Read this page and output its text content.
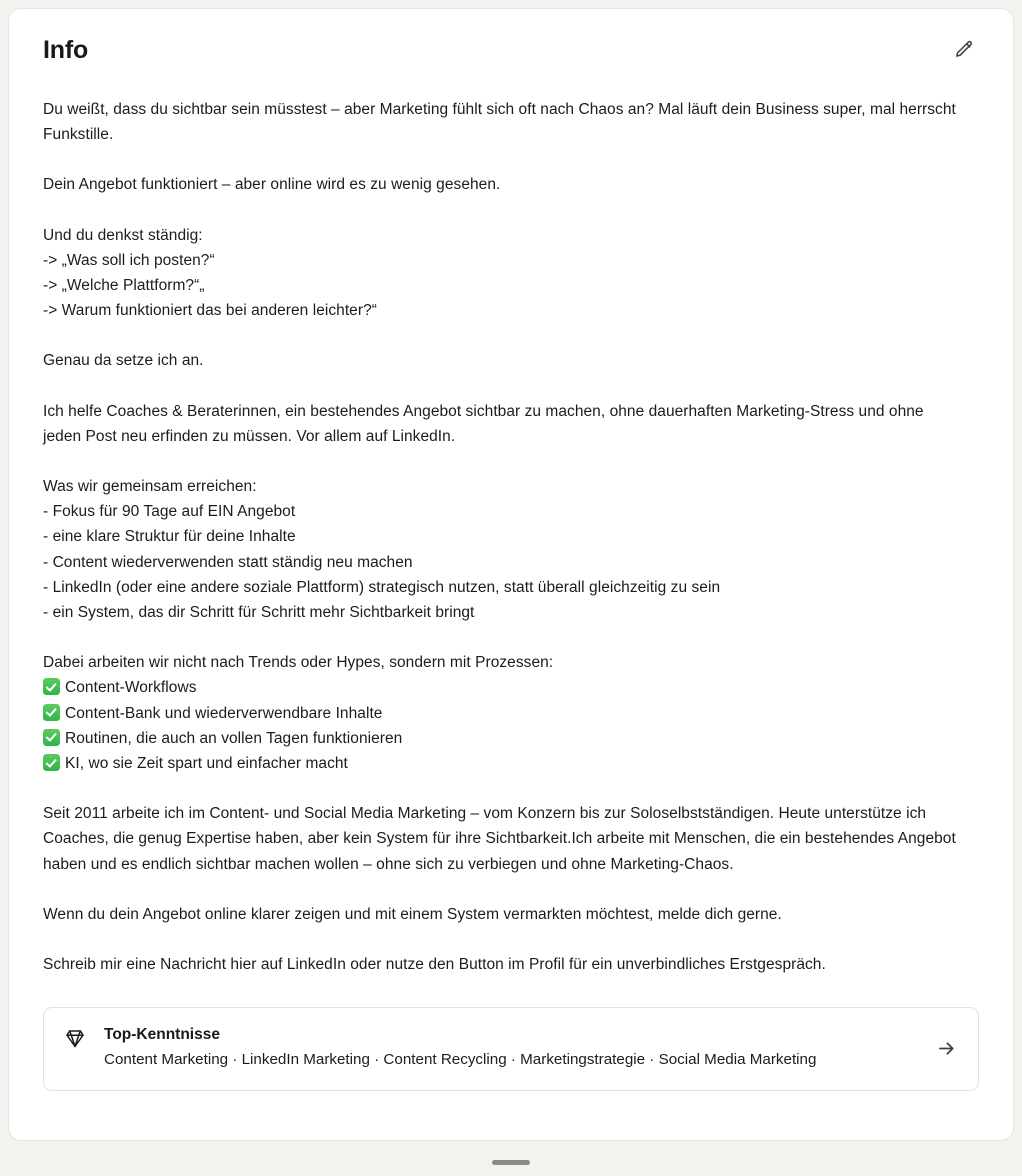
Info

Du weißt, dass du sichtbar sein müsstest – aber Marketing fühlt sich oft nach Chaos an? Mal läuft dein Business super, mal herrscht Funkstille.

Dein Angebot funktioniert – aber online wird es zu wenig gesehen.

Und du denkst ständig:
-> „Was soll ich posten?“
-> „Welche Plattform?“„
-> Warum funktioniert das bei anderen leichter?“

Genau da setze ich an.

Ich helfe Coaches & Beraterinnen, ein bestehendes Angebot sichtbar zu machen, ohne dauerhaften Marketing-Stress und ohne jeden Post neu erfinden zu müssen. Vor allem auf LinkedIn.

Was wir gemeinsam erreichen:
- Fokus für 90 Tage auf EIN Angebot
- eine klare Struktur für deine Inhalte
- Content wiederverwenden statt ständig neu machen
- LinkedIn (oder eine andere soziale Plattform) strategisch nutzen, statt überall gleichzeitig zu sein
- ein System, das dir Schritt für Schritt mehr Sichtbarkeit bringt

Dabei arbeiten wir nicht nach Trends oder Hypes, sondern mit Prozessen:
Content-Workflows
Content-Bank und wiederverwendbare Inhalte
Routinen, die auch an vollen Tagen funktionieren
KI, wo sie Zeit spart und einfacher macht

Seit 2011 arbeite ich im Content- und Social Media Marketing – vom Konzern bis zur Soloselbstständigen. Heute unterstütze ich Coaches, die genug Expertise haben, aber kein System für ihre Sichtbarkeit.Ich arbeite mit Menschen, die ein bestehendes Angebot haben und es endlich sichtbar machen wollen – ohne sich zu verbiegen und ohne Marketing-Chaos.

Wenn du dein Angebot online klarer zeigen und mit einem System vermarkten möchtest, melde dich gerne.

Schreib mir eine Nachricht hier auf LinkedIn oder nutze den Button im Profil für ein unverbindliches Erstgespräch.

Top-Kenntnisse
Content Marketing · LinkedIn Marketing · Content Recycling · Marketingstrategie · Social Media Marketing
